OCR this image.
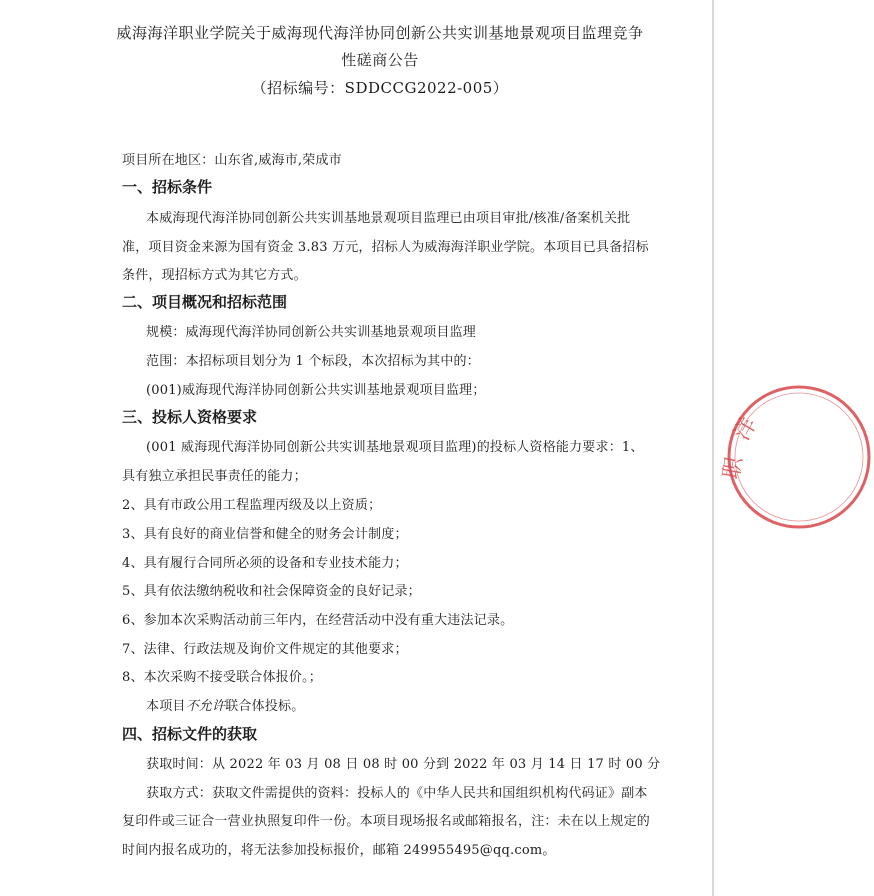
威海海洋职业学院关于威海现代海洋协同创新公共实训基地景观项目监理竞争
性磋商公告
（招标编号：SDDCCG2022-005）
项目所在地区：山东省,威海市,荣成市
一、招标条件
本威海现代海洋协同创新公共实训基地景观项目监理已由项目审批/核准/备案机关批
准，项目资金来源为国有资金 3.83 万元，招标人为威海海洋职业学院。本项目已具备招标
条件，现招标方式为其它方式。
二、项目概况和招标范围
规模：威海现代海洋协同创新公共实训基地景观项目监理
范围：本招标项目划分为 1 个标段，本次招标为其中的：
(001)威海现代海洋协同创新公共实训基地景观项目监理；
三、投标人资格要求
(001 威海现代海洋协同创新公共实训基地景观项目监理)的投标人资格能力要求：1、
具有独立承担民事责任的能力；
2、具有市政公用工程监理丙级及以上资质；
3、具有良好的商业信誉和健全的财务会计制度；
4、具有履行合同所必须的设备和专业技术能力；
5、具有依法缴纳税收和社会保障资金的良好记录；
6、参加本次采购活动前三年内，在经营活动中没有重大违法记录。
7、法律、行政法规及询价文件规定的其他要求；
8、本次采购不接受联合体报价。；
本项目不允许联合体投标。
四、招标文件的获取
获取时间：从 2022 年 03 月 08 日 08 时 00 分到 2022 年 03 月 14 日 17 时 00 分
获取方式：获取文件需提供的资料：投标人的《中华人民共和国组织机构代码证》副本
复印件或三证合一营业执照复印件一份。本项目现场报名或邮箱报名，注：未在以上规定的
时间内报名成功的，将无法参加投标报价，邮箱 249955495@qq.com。
洋
职
